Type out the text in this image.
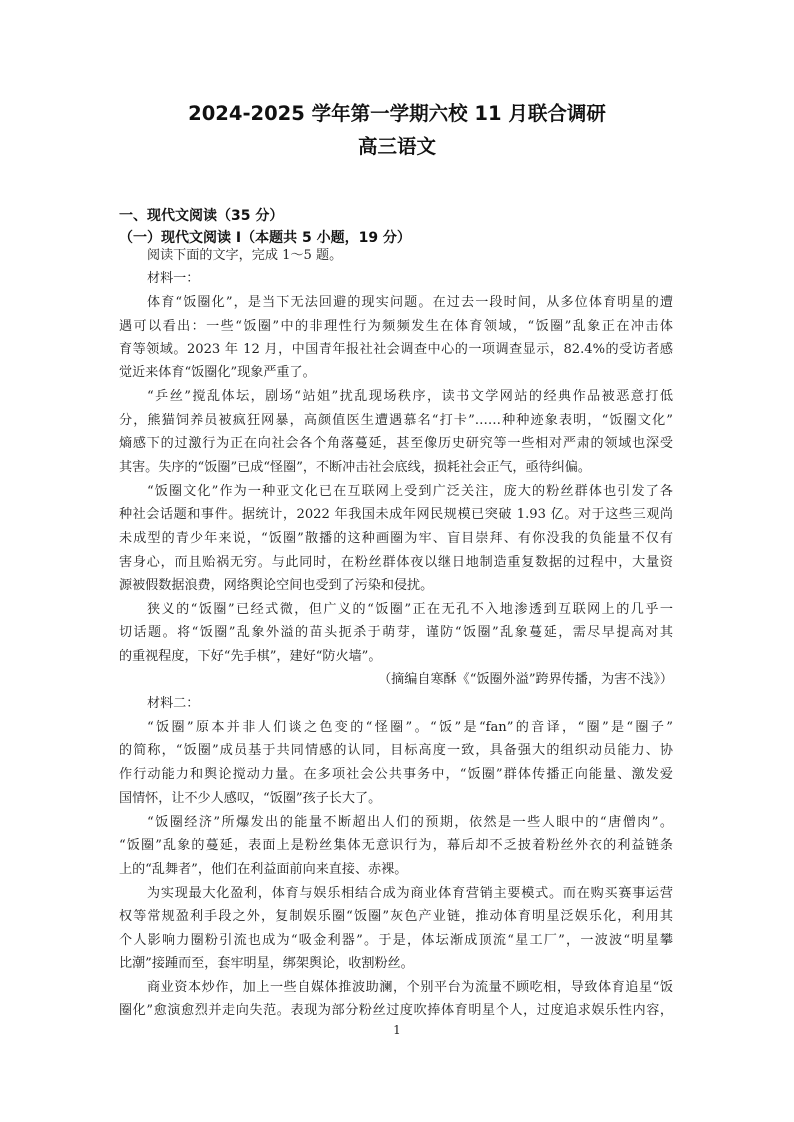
2024-2025 学年第一学期六校 11 月联合调研
高三语文
一、现代文阅读（35 分）
（一）现代文阅读 I（本题共 5 小题，19 分）
阅读下面的文字，完成 1～5 题。
材料一：
体育“饭圈化”，是当下无法回避的现实问题。在过去一段时间，从多位体育明星的遭
遇可以看出：一些“饭圈”中的非理性行为频频发生在体育领域，“饭圈”乱象正在冲击体
育等领域。2023 年 12 月，中国青年报社社会调查中心的一项调查显示，82.4%的受访者感
觉近来体育“饭圈化”现象严重了。
“乒丝”搅乱体坛，剧场“站姐”扰乱现场秩序，读书文学网站的经典作品被恶意打低
分，熊猫饲养员被疯狂网暴，高颜值医生遭遇慕名“打卡”……种种迹象表明，“饭圈文化”
熵感下的过激行为正在向社会各个角落蔓延，甚至像历史研究等一些相对严肃的领域也深受
其害。失序的“饭圈”已成“怪圈”，不断冲击社会底线，损耗社会正气，亟待纠偏。
“饭圈文化”作为一种亚文化已在互联网上受到广泛关注，庞大的粉丝群体也引发了各
种社会话题和事件。据统计，2022 年我国未成年网民规模已突破 1.93 亿。对于这些三观尚
未成型的青少年来说，“饭圈”散播的这种画圈为牢、盲目崇拜、有你没我的负能量不仅有
害身心，而且贻祸无穷。与此同时，在粉丝群体夜以继日地制造重复数据的过程中，大量资
源被假数据浪费，网络舆论空间也受到了污染和侵扰。
狭义的“饭圈”已经式微，但广义的“饭圈”正在无孔不入地渗透到互联网上的几乎一
切话题。将“饭圈”乱象外溢的苗头扼杀于萌芽，谨防“饭圈”乱象蔓延，需尽早提高对其
的重视程度，下好“先手棋”，建好“防火墙”。
（摘编自寒酥《“饭圈外溢”跨界传播，为害不浅》）
材料二：
“饭圈”原本并非人们谈之色变的“怪圈”。“饭”是“fan”的音译，“圈”是“圈子”
的简称，“饭圈”成员基于共同情感的认同，目标高度一致，具备强大的组织动员能力、协
作行动能力和舆论搅动力量。在多项社会公共事务中，“饭圈”群体传播正向能量、激发爱
国情怀，让不少人感叹，“饭圈”孩子长大了。
“饭圈经济”所爆发出的能量不断超出人们的预期，依然是一些人眼中的“唐僧肉”。
“饭圈”乱象的蔓延，表面上是粉丝集体无意识行为，幕后却不乏披着粉丝外衣的利益链条
上的“乱舞者”，他们在利益面前向来直接、赤裸。
为实现最大化盈利，体育与娱乐相结合成为商业体育营销主要模式。而在购买赛事运营
权等常规盈利手段之外，复制娱乐圈“饭圈”灰色产业链，推动体育明星泛娱乐化，利用其
个人影响力圈粉引流也成为“吸金利器”。于是，体坛渐成顶流“星工厂”，一波波“明星攀
比潮”接踵而至，套牢明星，绑架舆论，收割粉丝。
商业资本炒作，加上一些自媒体推波助澜，个别平台为流量不顾吃相，导致体育追星“饭
圈化”愈演愈烈并走向失范。表现为部分粉丝过度吹捧体育明星个人，过度追求娱乐性内容，
1
